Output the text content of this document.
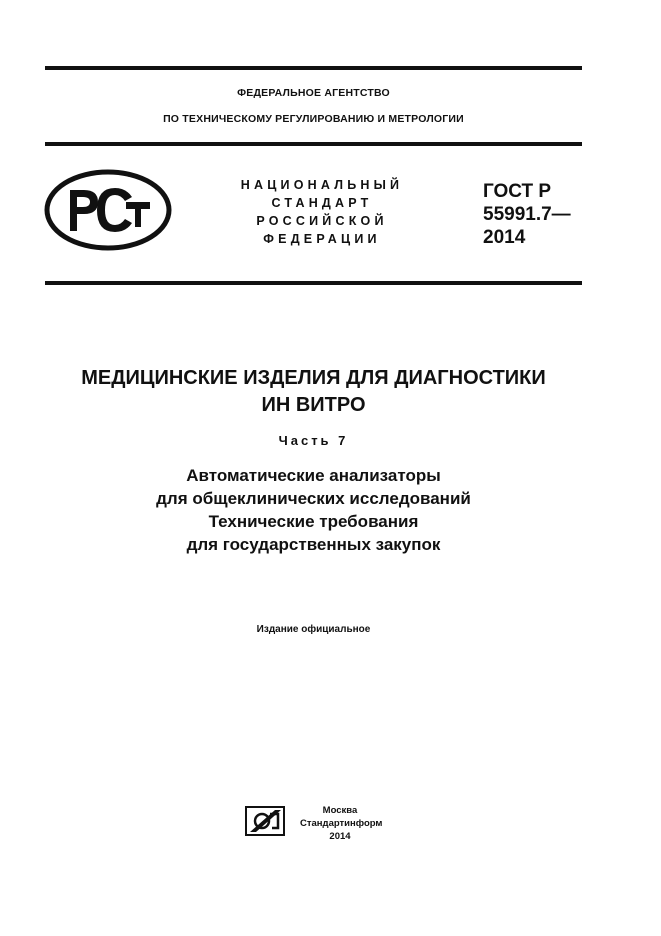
ФЕДЕРАЛЬНОЕ АГЕНТСТВО
ПО ТЕХНИЧЕСКОМУ РЕГУЛИРОВАНИЮ И МЕТРОЛОГИИ
НАЦИОНАЛЬНЫЙ
СТАНДАРТ
РОССИЙСКОЙ
ФЕДЕРАЦИИ
ГОСТ Р
55991.7—
2014
МЕДИЦИНСКИЕ ИЗДЕЛИЯ ДЛЯ ДИАГНОСТИКИ
ИН ВИТРО
Часть 7
Автоматические анализаторы
для общеклинических исследований
Технические требования
для государственных закупок
Издание официальное
Москва
Стандартинформ
2014
